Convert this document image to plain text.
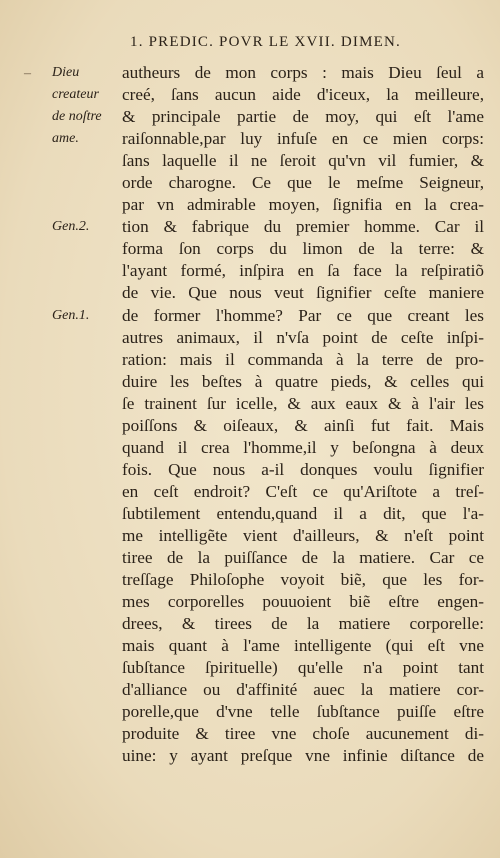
1. PREDIC. POVR LE XVII. DIMEN.
Dieu
createur
de noſtre
ame.
Gen.2.
Gen.1.
autheurs de mon corps : mais Dieu ſeul a
creé, ſans aucun aide d'iceux, la meilleure,
& principale partie de moy, qui eſt l'ame
raiſonnable,par luy infuſe en ce mien corps:
ſans laquelle il ne ſeroit qu'vn vil fumier, &
orde charogne. Ce que le meſme Seigneur,
par vn admirable moyen, ſignifia en la crea-
tion & fabrique du premier homme. Car il
forma ſon corps du limon de la terre: &
l'ayant formé, inſpira en ſa face la reſpiratiõ
de vie. Que nous veut ſignifier ceſte maniere
de former l'homme? Par ce que creant les
autres animaux, il n'vſa point de ceſte inſpi-
ration: mais il commanda à la terre de pro-
duire les beſtes à quatre pieds, & celles qui
ſe trainent ſur icelle, & aux eaux & à l'air les
poiſſons & oiſeaux, & ainſi fut fait. Mais
quand il crea l'homme,il y beſongna à deux
fois. Que nous a-il donques voulu ſignifier
en ceſt endroit? C'eſt ce qu'Ariſtote a treſ-
ſubtilement entendu,quand il a dit, que l'a-
me intelligẽte vient d'ailleurs, & n'eſt point
tiree de la puiſſance de la matiere. Car ce
treſſage Philoſophe voyoit biẽ, que les for-
mes corporelles pouuoient biẽ eſtre engen-
drees, & tirees de la matiere corporelle:
mais quant à l'ame intelligente (qui eſt vne
ſubſtance ſpirituelle) qu'elle n'a point tant
d'alliance ou d'affinité auec la matiere cor-
porelle,que d'vne telle ſubſtance puiſſe eſtre
produite & tiree vne choſe aucunement di-
uine: y ayant preſque vne infinie diſtance de
–
